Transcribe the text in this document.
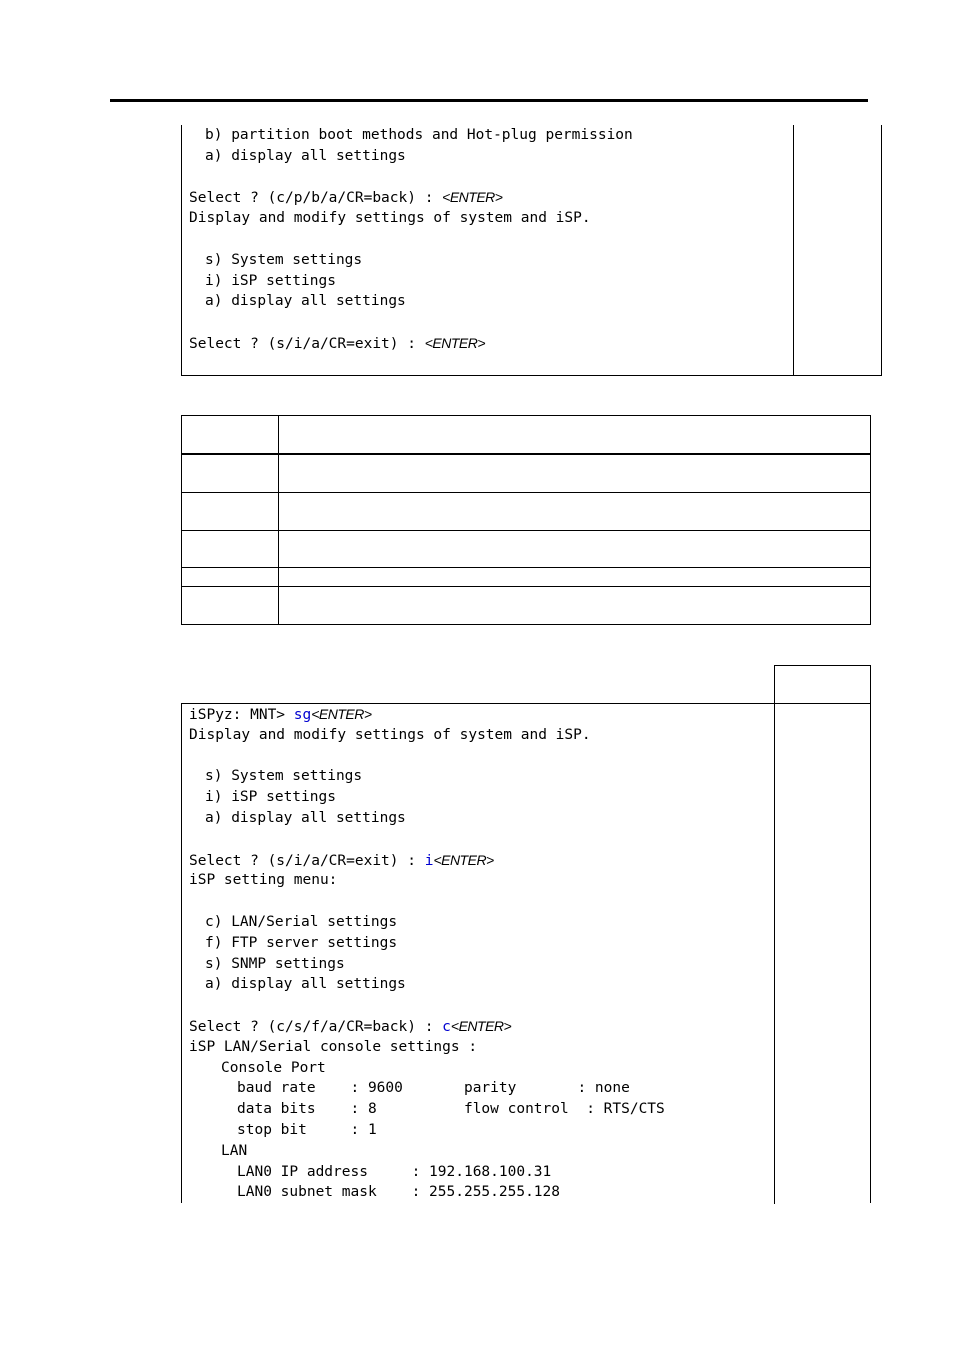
b) partition boot methods and Hot-plug permission
a) display all settings
Select ? (c/p/b/a/CR=back) : <ENTER>
Display and modify settings of system and iSP.
s) System settings
i) iSP settings
a) display all settings
Select ? (s/i/a/CR=exit) : <ENTER>
iSPyz: MNT> sg<ENTER>
Display and modify settings of system and iSP.
s) System settings
i) iSP settings
a) display all settings
Select ? (s/i/a/CR=exit) : i<ENTER>
iSP setting menu:
c) LAN/Serial settings
f) FTP server settings
s) SNMP settings
a) display all settings
Select ? (c/s/f/a/CR=back) : c<ENTER>
iSP LAN/Serial console settings :
Console Port
baud rate    : 9600       parity       : none
data bits    : 8          flow control  : RTS/CTS
stop bit     : 1
LAN
LAN0 IP address     : 192.168.100.31
LAN0 subnet mask    : 255.255.255.128
